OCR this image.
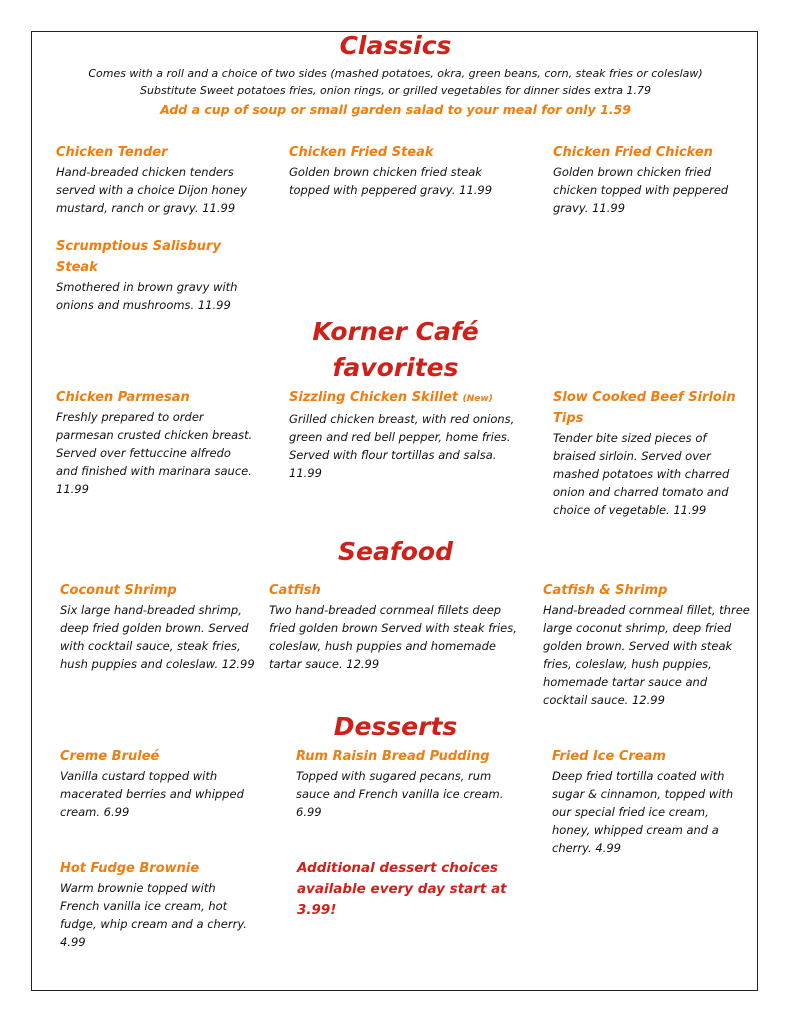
Classics
Comes with a roll and a choice of two sides (mashed potatoes, okra, green beans, corn, steak fries or coleslaw)
Substitute Sweet potatoes fries, onion rings, or grilled vegetables for dinner sides extra 1.79
Add a cup of soup or small garden salad to your meal for only 1.59
Chicken Tender
Hand-breaded chicken tenders served with a choice Dijon honey mustard, ranch or gravy. 11.99
Chicken Fried Steak
Golden brown chicken fried steak topped with peppered gravy. 11.99
Chicken Fried Chicken
Golden brown chicken fried chicken topped with peppered gravy. 11.99
Scrumptious Salisbury Steak
Smothered in brown gravy with onions and mushrooms. 11.99
Korner Café
favorites
Chicken Parmesan
Freshly prepared to order parmesan crusted chicken breast. Served over fettuccine alfredo and finished with marinara sauce. 11.99
Sizzling Chicken Skillet (New)
Grilled chicken breast, with red onions, green and red bell pepper, home fries. Served with flour tortillas and salsa. 11.99
Slow Cooked Beef Sirloin Tips
Tender bite sized pieces of braised sirloin. Served over mashed potatoes with charred onion and charred tomato and choice of vegetable. 11.99
Seafood
Coconut Shrimp
Six large hand-breaded shrimp, deep fried golden brown. Served with cocktail sauce, steak fries, hush puppies and coleslaw. 12.99
Catfish
Two hand-breaded cornmeal fillets deep fried golden brown Served with steak fries, coleslaw, hush puppies and homemade tartar sauce. 12.99
Catfish & Shrimp
Hand-breaded cornmeal fillet, three large coconut shrimp, deep fried golden brown. Served with steak fries, coleslaw, hush puppies, homemade tartar sauce and cocktail sauce. 12.99
Desserts
Creme Bruleé
Vanilla custard topped with macerated berries and whipped cream. 6.99
Rum Raisin Bread Pudding
Topped with sugared pecans, rum sauce and French vanilla ice cream. 6.99
Fried Ice Cream
Deep fried tortilla coated with sugar & cinnamon, topped with our special fried ice cream, honey, whipped cream and a cherry. 4.99
Hot Fudge Brownie
Warm brownie topped with French vanilla ice cream, hot fudge, whip cream and a cherry. 4.99
Additional dessert choices available every day start at 3.99!
